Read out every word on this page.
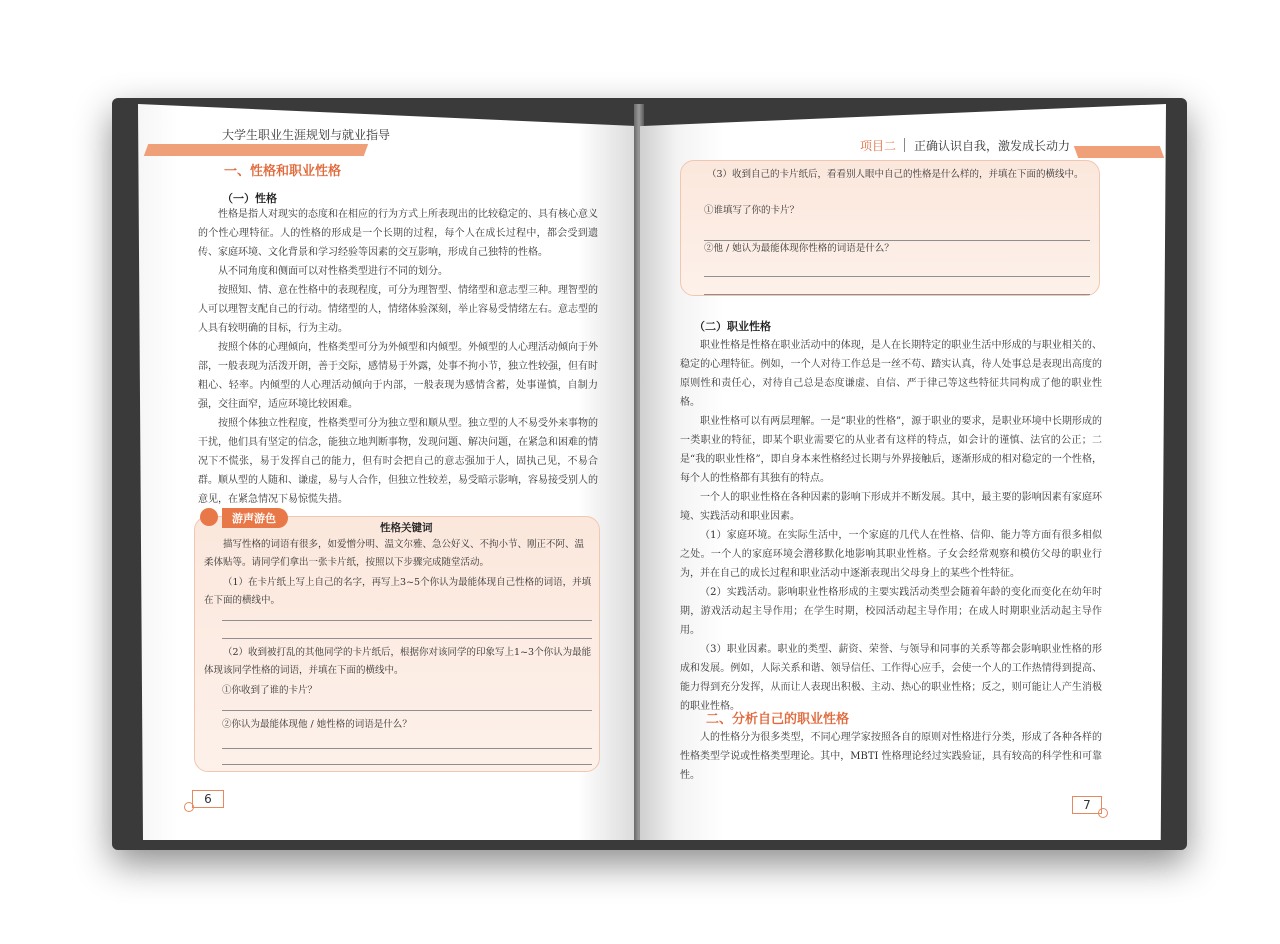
大学生职业生涯规划与就业指导
一、性格和职业性格
（一）性格

性格是指人对现实的态度和在相应的行为方式上所表现出的比较稳定的、具有核心意义的个性心理特征。人的性格的形成是一个长期的过程，每个人在成长过程中，都会受到遗传、家庭环境、文化背景和学习经验等因素的交互影响，形成自己独特的性格。

从不同角度和侧面可以对性格类型进行不同的划分。

按照知、情、意在性格中的表现程度，可分为理智型、情绪型和意志型三种。理智型的人可以理智支配自己的行动。情绪型的人，情绪体验深刻，举止容易受情绪左右。意志型的人具有较明确的目标，行为主动。

按照个体的心理倾向，性格类型可分为外倾型和内倾型。外倾型的人心理活动倾向于外部，一般表现为活泼开朗，善于交际，感情易于外露，处事不拘小节，独立性较强，但有时粗心、轻率。内倾型的人心理活动倾向于内部，一般表现为感情含蓄，处事谨慎，自制力强，交往面窄，适应环境比较困难。

按照个体独立性程度，性格类型可分为独立型和顺从型。独立型的人不易受外来事物的干扰，他们具有坚定的信念，能独立地判断事物，发现问题、解决问题，在紧急和困难的情况下不慌张，易于发挥自己的能力，但有时会把自己的意志强加于人，固执己见，不易合群。顺从型的人随和、谦虚，易与人合作，但独立性较差，易受暗示影响，容易接受别人的意见，在紧急情况下易惊慌失措。

游声游色
性格关键词
描写性格的词语有很多，如爱憎分明、温文尔雅、急公好义、不拘小节、刚正不阿、温柔体贴等。请同学们拿出一张卡片纸，按照以下步骤完成随堂活动。
（1）在卡片纸上写上自己的名字，再写上3~5个你认为最能体现自己性格的词语，并填在下面的横线中。
（2）收到被打乱的其他同学的卡片纸后，根据你对该同学的印象写上1~3个你认为最能体现该同学性格的词语，并填在下面的横线中。
①你收到了谁的卡片？
②你认为最能体现他 / 她性格的词语是什么？
6
项目二 正确认识自我，激发成长动力
（3）收到自己的卡片纸后，看看别人眼中自己的性格是什么样的，并填在下面的横线中。
①谁填写了你的卡片？
②他 / 她认为最能体现你性格的词语是什么？
（二）职业性格

职业性格是性格在职业活动中的体现，是人在长期特定的职业生活中形成的与职业相关的、稳定的心理特征。例如，一个人对待工作总是一丝不苟、踏实认真，待人处事总是表现出高度的原则性和责任心，对待自己总是态度谦虚、自信、严于律己等这些特征共同构成了他的职业性格。

职业性格可以有两层理解。一是“职业的性格”，源于职业的要求，是职业环境中长期形成的一类职业的特征，即某个职业需要它的从业者有这样的特点，如会计的谨慎、法官的公正；二是“我的职业性格”，即自身本来性格经过长期与外界接触后，逐渐形成的相对稳定的一个性格，每个人的性格都有其独有的特点。

一个人的职业性格在各种因素的影响下形成并不断发展。其中，最主要的影响因素有家庭环境、实践活动和职业因素。

（1）家庭环境。在实际生活中，一个家庭的几代人在性格、信仰、能力等方面有很多相似之处。一个人的家庭环境会潜移默化地影响其职业性格。子女会经常观察和模仿父母的职业行为，并在自己的成长过程和职业活动中逐渐表现出父母身上的某些个性特征。

（2）实践活动。影响职业性格形成的主要实践活动类型会随着年龄的变化而变化在幼年时期，游戏活动起主导作用；在学生时期，校园活动起主导作用；在成人时期职业活动起主导作用。

（3）职业因素。职业的类型、薪资、荣誉、与领导和同事的关系等都会影响职业性格的形成和发展。例如，人际关系和谐、领导信任、工作得心应手，会使一个人的工作热情得到提高、能力得到充分发挥，从而让人表现出积极、主动、热心的职业性格；反之，则可能让人产生消极的职业性格。

二、分析自己的职业性格

人的性格分为很多类型，不同心理学家按照各自的原则对性格进行分类，形成了各种各样的性格类型学说或性格类型理论。其中，MBTI 性格理论经过实践验证，具有较高的科学性和可靠性。

7
